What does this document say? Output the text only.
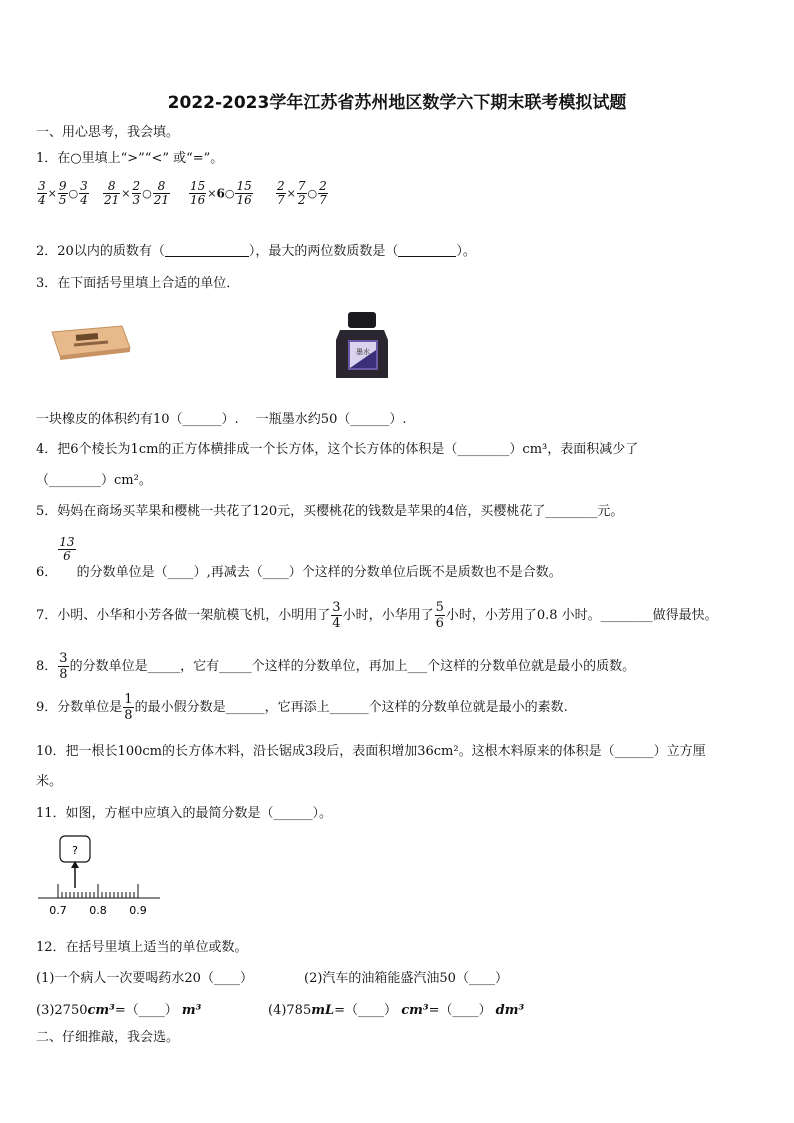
2022-2023学年江苏省苏州地区数学六下期末联考模拟试题
一、用心思考，我会填。
1．在○里填上“>”“<” 或“=”。
$\frac{3}{4} \times \frac{9}{5}$ ○ $\frac{3}{4} \frac{8}{21} \times \frac{2}{3}$ ○ $\frac{8}{21} \frac{15}{16}$ ×6○ $\frac{15}{16} \frac{2}{7} \times \frac{7}{2}$ ○ $\frac{2}{7}$
2．20以内的质数有（	），最大的两位数质数是（	）。
3．在下面括号里填上合适的单位．
墨水
一块橡皮的体积约有10（______）.　 一瓶墨水约50（______）.
4．把6个棱长为1cm的正方体横排成一个长方体，这个长方体的体积是（________）cm³，表面积减少了
（________）cm²。
5．妈妈在商场买苹果和樱桃一共花了120元，买樱桃花的钱数是苹果的4倍，买樱桃花了________元。
6．
$\frac{13}{6}$
的分数单位是（____）,再减去（____）个这样的分数单位后既不是质数也不是合数。
7．小明、小华和小芳各做一架航模飞机，小明用了 $\frac{3}{4}$ 小时，小华用了 $\frac{5}{6}$ 小时，小芳用了0.8 小时。________做得最快。
8． $\frac{3}{8}$ 的分数单位是_____，它有_____个这样的分数单位，再加上___个这样的分数单位就是最小的质数。
9．分数单位是 $\frac{1}{8}$ 的最小假分数是______，它再添上______个这样的分数单位就是最小的素数.
10．把一根长100cm的长方体木料，沿长锯成3段后，表面积增加36cm²。这根木料原来的体积是（______）立方厘
米。
11．如图，方框中应填入的最简分数是（______）。
?
0.7 0.8 0.9
12．在括号里填上适当的单位或数。
(1)一个病人一次要喝药水20（____）	(2)汽车的油箱能盛汽油50（____）
(3)2750cm³=（____） m³	(4)785mL=（____） cm³=（____） dm³
二、仔细推敲，我会选。
